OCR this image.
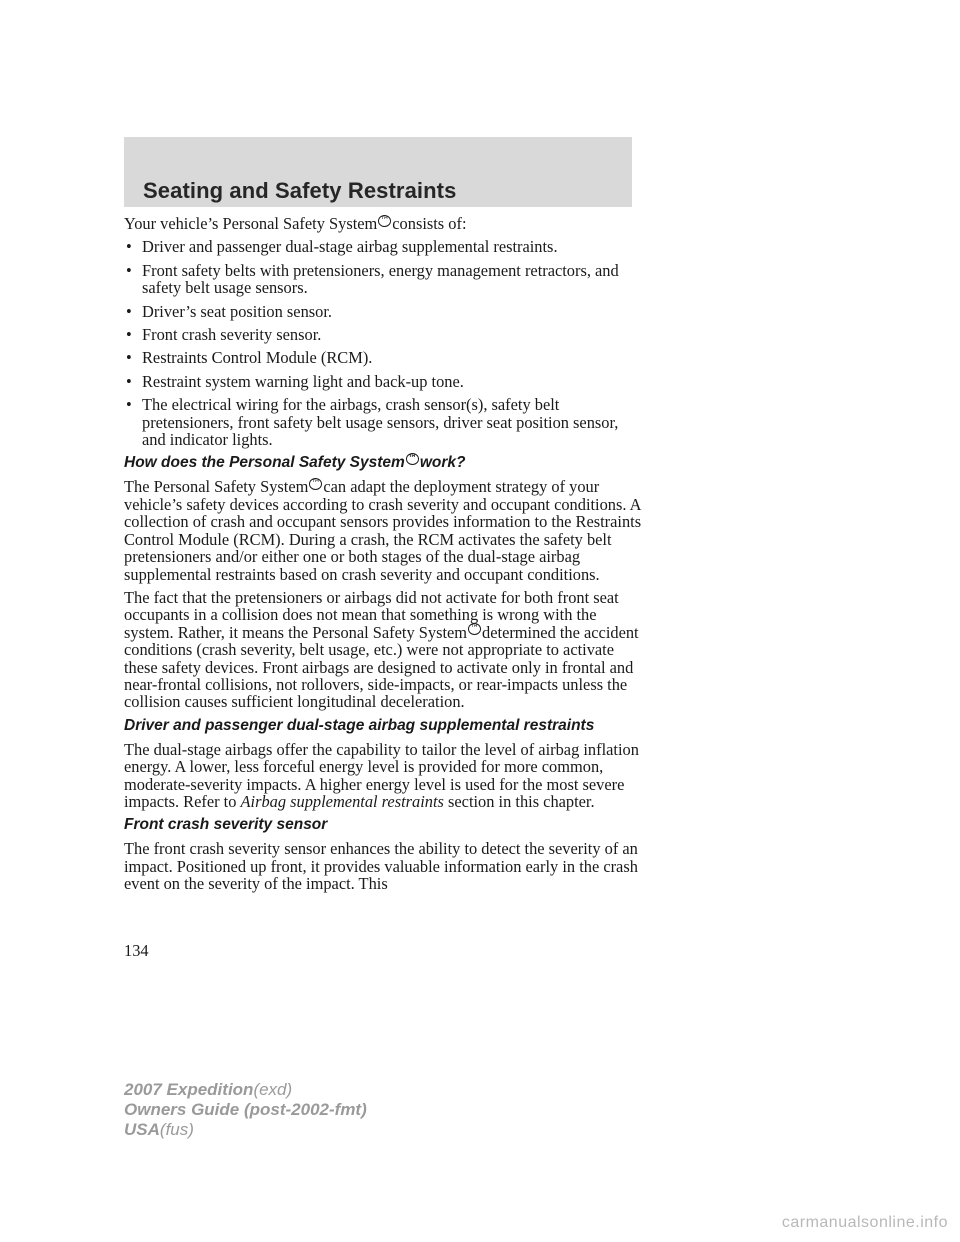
Seating and Safety Restraints

Your vehicle’s Personal Safety System ™ consists of:

• Driver and passenger dual-stage airbag supplemental restraints.
• Front safety belts with pretensioners, energy management retractors, and safety belt usage sensors.
• Driver’s seat position sensor.
• Front crash severity sensor.
• Restraints Control Module (RCM).
• Restraint system warning light and back-up tone.
• The electrical wiring for the airbags, crash sensor(s), safety belt pretensioners, front safety belt usage sensors, driver seat position sensor, and indicator lights.
How does the Personal Safety System ™ work?

The Personal Safety System ™ can adapt the deployment strategy of your vehicle’s safety devices according to crash severity and occupant conditions. A collection of crash and occupant sensors provides information to the Restraints Control Module (RCM). During a crash, the RCM activates the safety belt pretensioners and/or either one or both stages of the dual-stage airbag supplemental restraints based on crash severity and occupant conditions.

The fact that the pretensioners or airbags did not activate for both front seat occupants in a collision does not mean that something is wrong with the system. Rather, it means the Personal Safety System ™ determined the accident conditions (crash severity, belt usage, etc.) were not appropriate to activate these safety devices. Front airbags are designed to activate only in frontal and near-frontal collisions, not rollovers, side-impacts, or rear-impacts unless the collision causes sufficient longitudinal deceleration.

Driver and passenger dual-stage airbag supplemental restraints

The dual-stage airbags offer the capability to tailor the level of airbag inflation energy. A lower, less forceful energy level is provided for more common, moderate-severity impacts. A higher energy level is used for the most severe impacts. Refer to Airbag supplemental restraints section in this chapter.

Front crash severity sensor

The front crash severity sensor enhances the ability to detect the severity of an impact. Positioned up front, it provides valuable information early in the crash event on the severity of the impact. This

134

2007 Expedition(exd)
Owners Guide (post-2002-fmt)
USA(fus)
carmanualsonline.info
